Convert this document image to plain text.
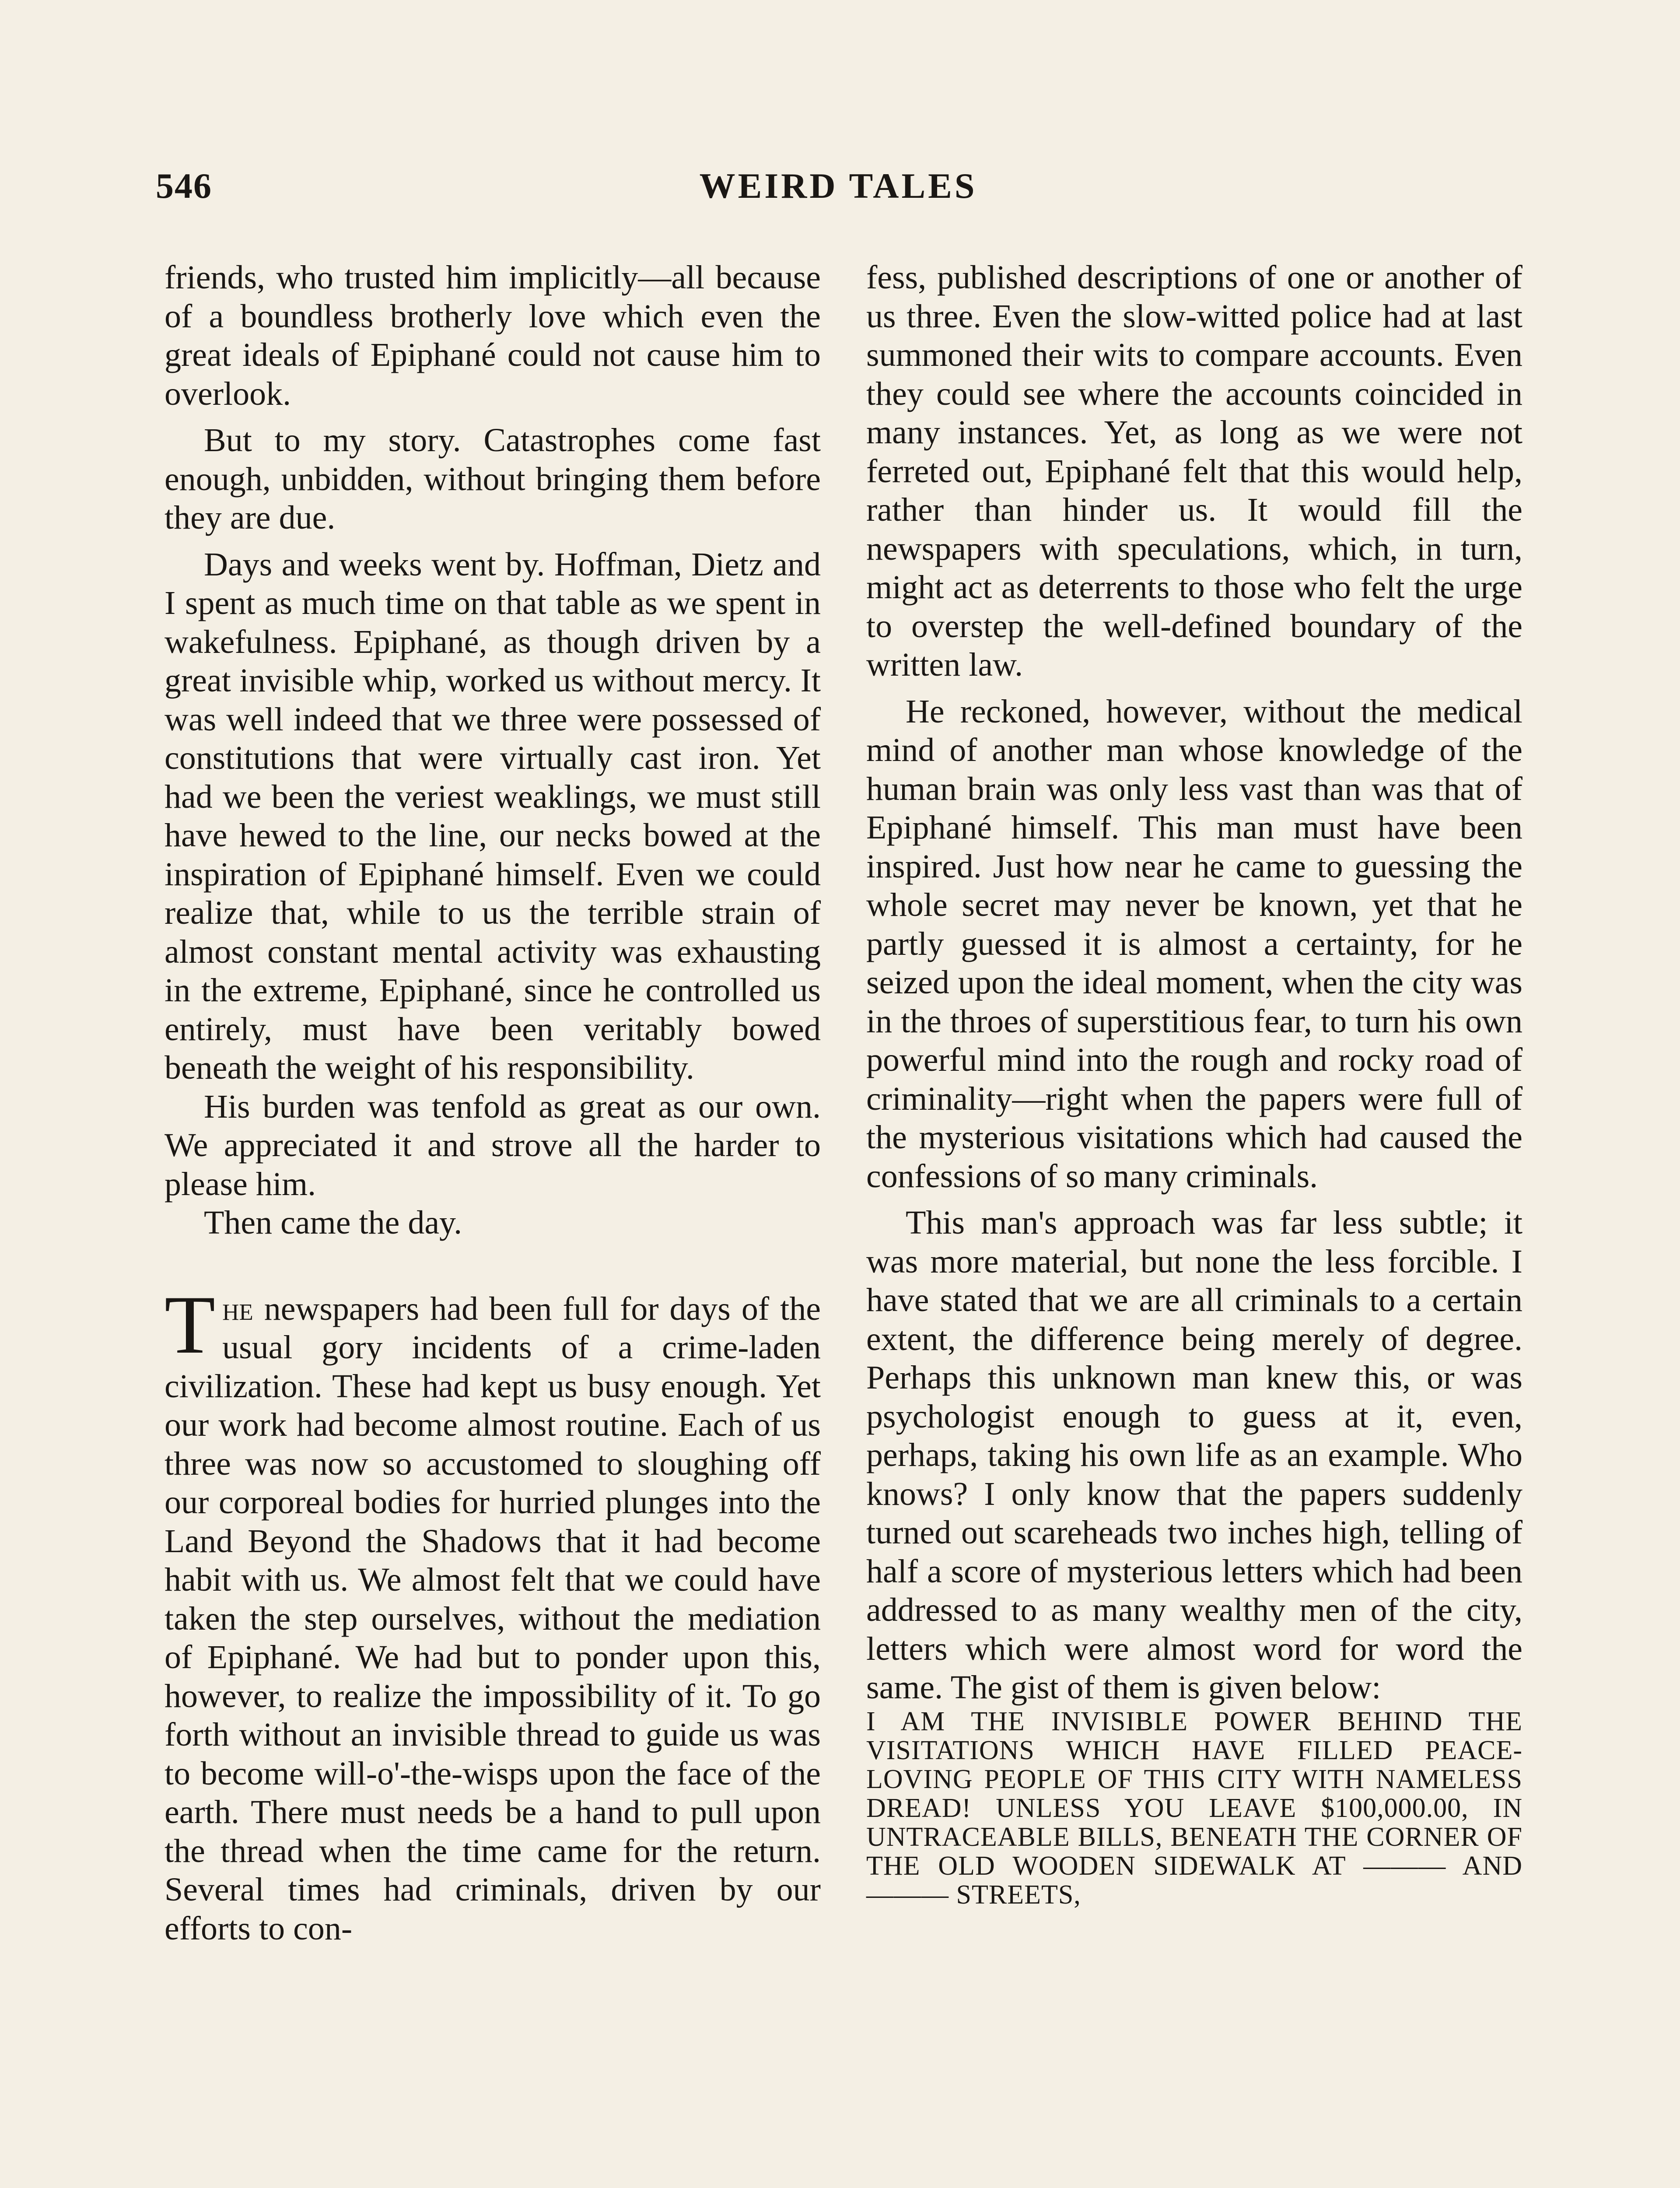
546	WEIRD TALES

friends, who trusted him implicitly—all because of a boundless brotherly love which even the great ideals of Epiphané could not cause him to overlook.

But to my story. Catastrophes come fast enough, unbidden, without bringing them before they are due.

Days and weeks went by. Hoffman, Dietz and I spent as much time on that table as we spent in wakefulness. Epiphané, as though driven by a great invisible whip, worked us without mercy. It was well indeed that we three were possessed of constitutions that were virtually cast iron. Yet had we been the veriest weaklings, we must still have hewed to the line, our necks bowed at the inspiration of Epiphané himself. Even we could realize that, while to us the terrible strain of almost constant mental activity was exhausting in the extreme, Epiphané, since he controlled us entirely, must have been veritably bowed beneath the weight of his responsibility.

His burden was tenfold as great as our own. We appreciated it and strove all the harder to please him.

Then came the day.

The newspapers had been full for days of the usual gory incidents of a crime-laden civilization. These had kept us busy enough. Yet our work had become almost routine. Each of us three was now so accustomed to sloughing off our corporeal bodies for hurried plunges into the Land Beyond the Shadows that it had become habit with us. We almost felt that we could have taken the step ourselves, without the mediation of Epiphané. We had but to ponder upon this, however, to realize the impossibility of it. To go forth without an invisible thread to guide us was to become will-o'-the-wisps upon the face of the earth. There must needs be a hand to pull upon the thread when the time came for the return. Several times had criminals, driven by our efforts to con-

fess, published descriptions of one or another of us three. Even the slow-witted police had at last summoned their wits to compare accounts. Even they could see where the accounts coincided in many instances. Yet, as long as we were not ferreted out, Epiphané felt that this would help, rather than hinder us. It would fill the newspapers with speculations, which, in turn, might act as deterrents to those who felt the urge to overstep the well-defined boundary of the written law.

He reckoned, however, without the medical mind of another man whose knowledge of the human brain was only less vast than was that of Epiphané himself. This man must have been inspired. Just how near he came to guessing the whole secret may never be known, yet that he partly guessed it is almost a certainty, for he seized upon the ideal moment, when the city was in the throes of superstitious fear, to turn his own powerful mind into the rough and rocky road of criminality—right when the papers were full of the mysterious visitations which had caused the confessions of so many criminals.

This man's approach was far less subtle; it was more material, but none the less forcible. I have stated that we are all criminals to a certain extent, the difference being merely of degree. Perhaps this unknown man knew this, or was psychologist enough to guess at it, even, perhaps, taking his own life as an example. Who knows? I only know that the papers suddenly turned out scareheads two inches high, telling of half a score of mysterious letters which had been addressed to as many wealthy men of the city, letters which were almost word for word the same. The gist of them is given below:

I AM THE INVISIBLE POWER BEHIND THE VISITATIONS WHICH HAVE FILLED PEACE-LOVING PEOPLE OF THIS CITY WITH NAMELESS DREAD! UNLESS YOU LEAVE $100,000.00, IN UNTRACEABLE BILLS, BENEATH THE CORNER OF THE OLD WOODEN SIDEWALK AT ——— AND ——— STREETS,
